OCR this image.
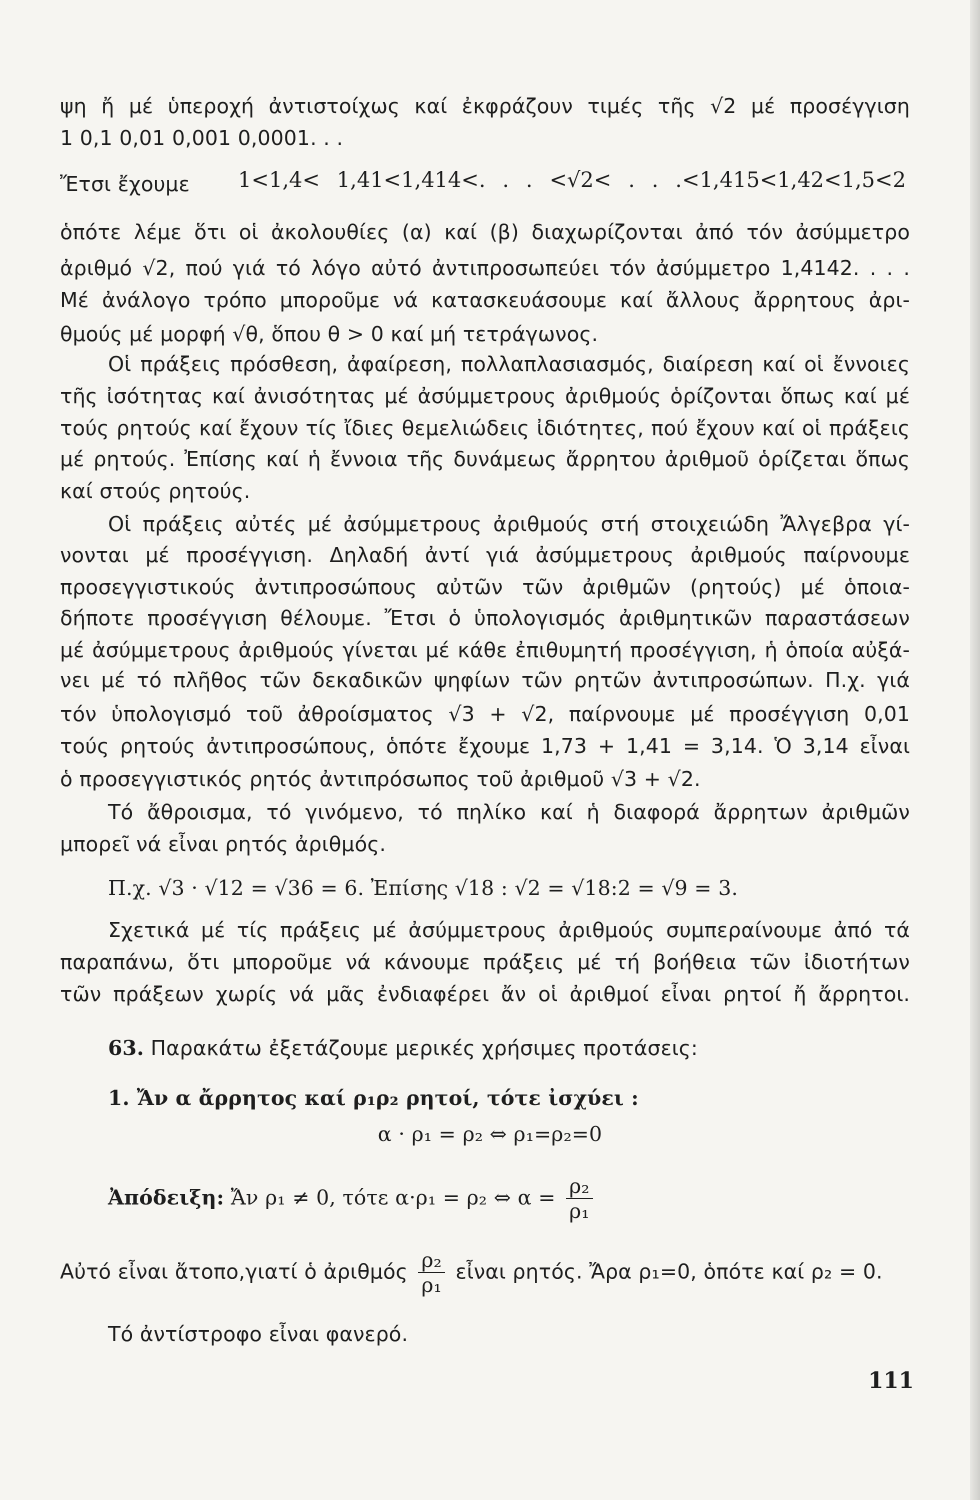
ψη ἤ μέ ὑπεροχή ἀντιστοίχως καί ἐκφράζουν τιμές τῆς √2 μέ προσέγγιση
1 0,1 0,01 0,001 0,0001. . .
Ἔτσι ἔχουμε	1<1,4< 1,41<1,414<. . . <√2< . . .<1,415<1,42<1,5<2
ὁπότε λέμε ὅτι οἱ ἀκολουθίες (α) καί (β) διαχωρίζονται ἀπό τόν ἀσύμμετρο
ἀριθμό √2, πού γιά τό λόγο αὐτό ἀντιπροσωπεύει τόν ἀσύμμετρο 1,4142. . . .
Μέ ἀνάλογο τρόπο μποροῦμε νά κατασκευάσουμε καί ἄλλους ἄρρητους ἀρι-
θμούς μέ μορφή √θ, ὅπου θ > 0 καί μή τετράγωνος.
Οἱ πράξεις πρόσθεση, ἀφαίρεση, πολλαπλασιασμός, διαίρεση καί οἱ ἔννοιες
τῆς ἰσότητας καί ἀνισότητας μέ ἀσύμμετρους ἀριθμούς ὁρίζονται ὅπως καί μέ
τούς ρητούς καί ἔχουν τίς ἴδιες θεμελιώδεις ἰδιότητες, πού ἔχουν καί οἱ πράξεις
μέ ρητούς. Ἐπίσης καί ἡ ἔννοια τῆς δυνάμεως ἄρρητου ἀριθμοῦ ὁρίζεται ὅπως
καί στούς ρητούς.
Οἱ πράξεις αὐτές μέ ἀσύμμετρους ἀριθμούς στή στοιχειώδη Ἄλγεβρα γί-
νονται μέ προσέγγιση. Δηλαδή ἀντί γιά ἀσύμμετρους ἀριθμούς παίρνουμε
προσεγγιστικούς ἀντιπροσώπους αὐτῶν τῶν ἀριθμῶν (ρητούς) μέ ὁποια-
δήποτε προσέγγιση θέλουμε. Ἔτσι ὁ ὑπολογισμός ἀριθμητικῶν παραστάσεων
μέ ἀσύμμετρους ἀριθμούς γίνεται μέ κάθε ἐπιθυμητή προσέγγιση, ἡ ὁποία αὐξά-
νει μέ τό πλῆθος τῶν δεκαδικῶν ψηφίων τῶν ρητῶν ἀντιπροσώπων. Π.χ. γιά
τόν ὑπολογισμό τοῦ ἀθροίσματος √3 + √2, παίρνουμε μέ προσέγγιση 0,01
τούς ρητούς ἀντιπροσώπους, ὁπότε ἔχουμε 1,73 + 1,41 = 3,14. Ὁ 3,14 εἶναι
ὁ προσεγγιστικός ρητός ἀντιπρόσωπος τοῦ ἀριθμοῦ √3 + √2.
Τό ἄθροισμα, τό γινόμενο, τό πηλίκο καί ἡ διαφορά ἄρρητων ἀριθμῶν
μπορεῖ νά εἶναι ρητός ἀριθμός.
Π.χ. √3 · √12 = √36 = 6. Ἐπίσης √18 : √2 = √18:2 = √9 = 3.
Σχετικά μέ τίς πράξεις μέ ἀσύμμετρους ἀριθμούς συμπεραίνουμε ἀπό τά
παραπάνω, ὅτι μποροῦμε νά κάνουμε πράξεις μέ τή βοήθεια τῶν ἰδιοτήτων
τῶν πράξεων χωρίς νά μᾶς ἐνδιαφέρει ἄν οἱ ἀριθμοί εἶναι ρητοί ἤ ἄρρητοι.
63. Παρακάτω ἐξετάζουμε μερικές χρήσιμες προτάσεις:
1. Ἄν α ἄρρητος καί ρ₁ρ₂ ρητοί, τότε ἰσχύει :
α · ρ₁ = ρ₂ ⇔ ρ₁=ρ₂=0
Ἀπόδειξη: Ἄν ρ₁ ≠ 0, τότε α·ρ₁ = ρ₂ ⇔ $\alpha = \frac{\text{ρ₂}}{\text{ρ₁}}$
Αὐτό εἶναι ἄτοπο,γιατί ὁ ἀριθμός $\frac{\text{ρ₂}}{\text{ρ₁}}$ εἶναι ρητός. Ἄρα ρ₁=0, ὁπότε καί ρ₂ = 0.
Τό ἀντίστροφο εἶναι φανερό.
111
